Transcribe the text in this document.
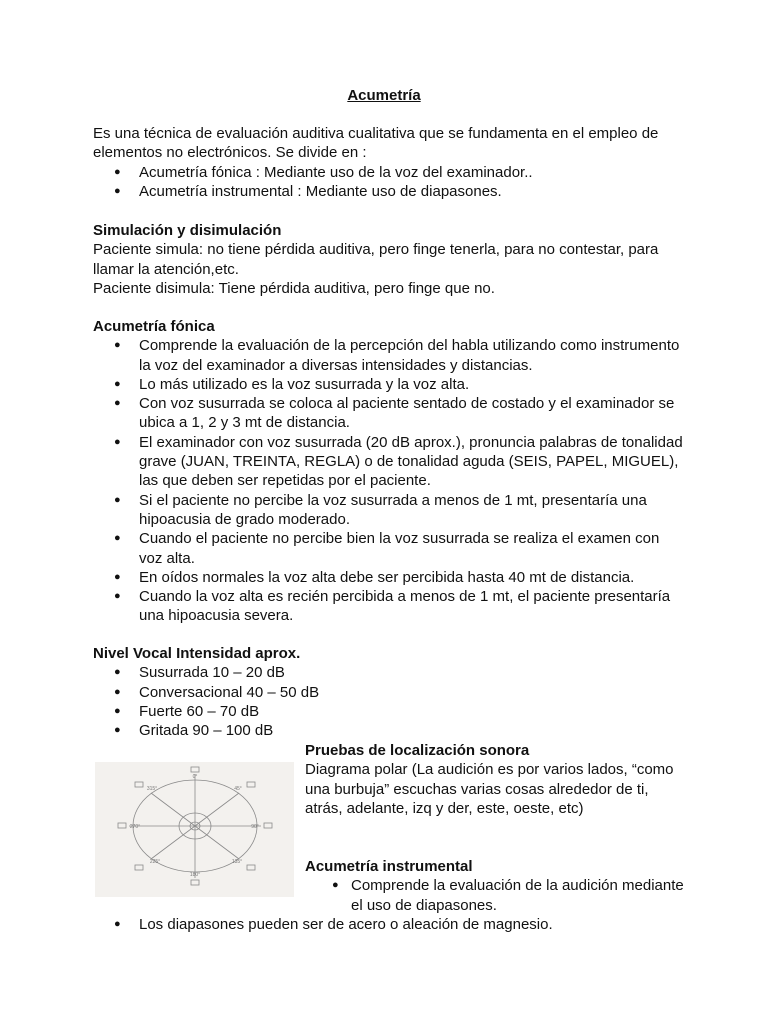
Acumetría

Es una técnica de evaluación auditiva cualitativa que se fundamenta en el empleo de elementos no electrónicos. Se divide en :

● Acumetría fónica : Mediante uso de la voz del examinador..
● Acumetría instrumental : Mediante uso de diapasones.

Simulación y disimulación

Paciente simula: no tiene pérdida auditiva, pero finge tenerla, para no contestar, para llamar la atención,etc.

Paciente disimula: Tiene pérdida auditiva, pero finge que no.

Acumetría fónica

● Comprende la evaluación de la percepción del habla utilizando como instrumento la voz del examinador a diversas intensidades y distancias.
● Lo más utilizado es la voz susurrada y la voz alta.
● Con voz susurrada se coloca al paciente sentado de costado y el examinador se ubica a 1, 2 y 3 mt de distancia.
● El examinador con voz susurrada (20 dB aprox.), pronuncia palabras de tonalidad grave (JUAN, TREINTA, REGLA) o de tonalidad aguda (SEIS, PAPEL, MIGUEL), las que deben ser repetidas por el paciente.
● Si el paciente no percibe la voz susurrada a menos de 1 mt, presentaría una hipoacusia de grado moderado.
● Cuando el paciente no percibe bien la voz susurrada se realiza el examen con voz alta.
● En oídos normales la voz alta debe ser percibida hasta 40 mt de distancia.
● Cuando la voz alta es recién percibida a menos de 1 mt, el paciente presentaría una hipoacusia severa.

Nivel Vocal Intensidad aprox.

● Susurrada 10 – 20 dB
● Conversacional 40 – 50 dB
● Fuerte 60 – 70 dB
● Gritada 90 – 100 dB
0°
45°
90°
135°
180°
225°
270°
315°

Pruebas de localización sonora

Diagrama polar (La audición es por varios lados, “como una burbuja” escuchas varias cosas alrededor de ti, atrás, adelante, izq y der, este, oeste, etc)

Acumetría instrumental

● Comprende la evaluación de la audición mediante el uso de diapasones.
● Los diapasones pueden ser de acero o aleación de magnesio.
